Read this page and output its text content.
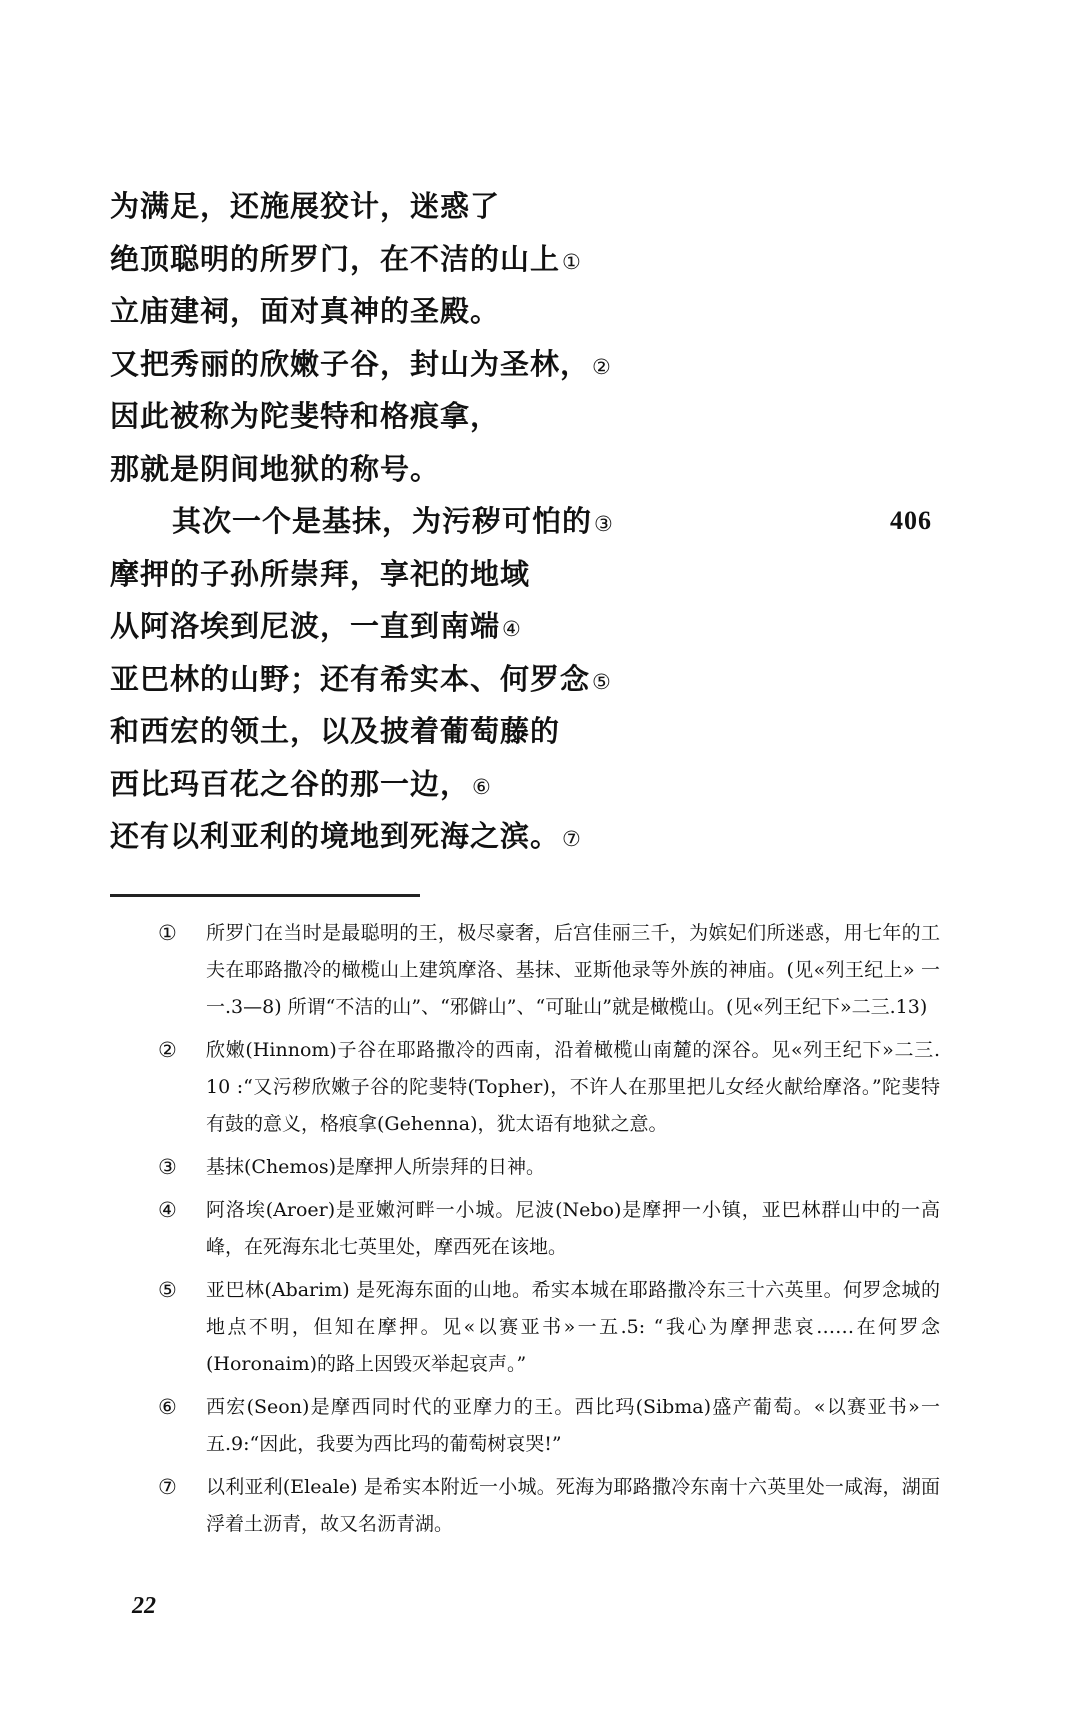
为满足，还施展狡计，迷惑了
绝顶聪明的所罗门，在不洁的山上①
立庙建祠，面对真神的圣殿。
又把秀丽的欣嫩子谷，封山为圣林，②
因此被称为陀斐特和格痕拿，
那就是阴间地狱的称号。
其次一个是基抹，为污秽可怕的③	406
摩押的子孙所崇拜，享祀的地域
从阿洛埃到尼波，一直到南端④
亚巴林的山野；还有希实本、何罗念⑤
和西宏的领土，以及披着葡萄藤的
西比玛百花之谷的那一边，⑥
还有以利亚利的境地到死海之滨。⑦
① 所罗门在当时是最聪明的王，极尽豪奢，后宫佳丽三千，为嫔妃们所迷惑，用七年的工夫在耶路撒冷的橄榄山上建筑摩洛、基抹、亚斯他录等外族的神庙。(见«列王纪上» 一一.3—8) 所谓“不洁的山”、“邪僻山”、“可耻山”就是橄榄山。(见«列王纪下»二三.13)
② 欣嫩(Hinnom)子谷在耶路撒冷的西南，沿着橄榄山南麓的深谷。见«列王纪下»二三. 10 :“又污秽欣嫩子谷的陀斐特(Topher)，不许人在那里把儿女经火献给摩洛。”陀斐特有鼓的意义，格痕拿(Gehenna)，犹太语有地狱之意。
③ 基抹(Chemos)是摩押人所崇拜的日神。
④ 阿洛埃(Aroer)是亚嫩河畔一小城。尼波(Nebo)是摩押一小镇，亚巴林群山中的一高峰，在死海东北七英里处，摩西死在该地。
⑤ 亚巴林(Abarim) 是死海东面的山地。希实本城在耶路撒冷东三十六英里。何罗念城的地点不明，但知在摩押。见«以赛亚书»一五.5: “我心为摩押悲哀……在何罗念(Horonaim)的路上因毁灭举起哀声。”
⑥ 西宏(Seon)是摩西同时代的亚摩力的王。西比玛(Sibma)盛产葡萄。«以赛亚书»一五.9:“因此，我要为西比玛的葡萄树哀哭!”
⑦ 以利亚利(Eleale) 是希实本附近一小城。死海为耶路撒冷东南十六英里处一咸海，湖面浮着土沥青，故又名沥青湖。
22
